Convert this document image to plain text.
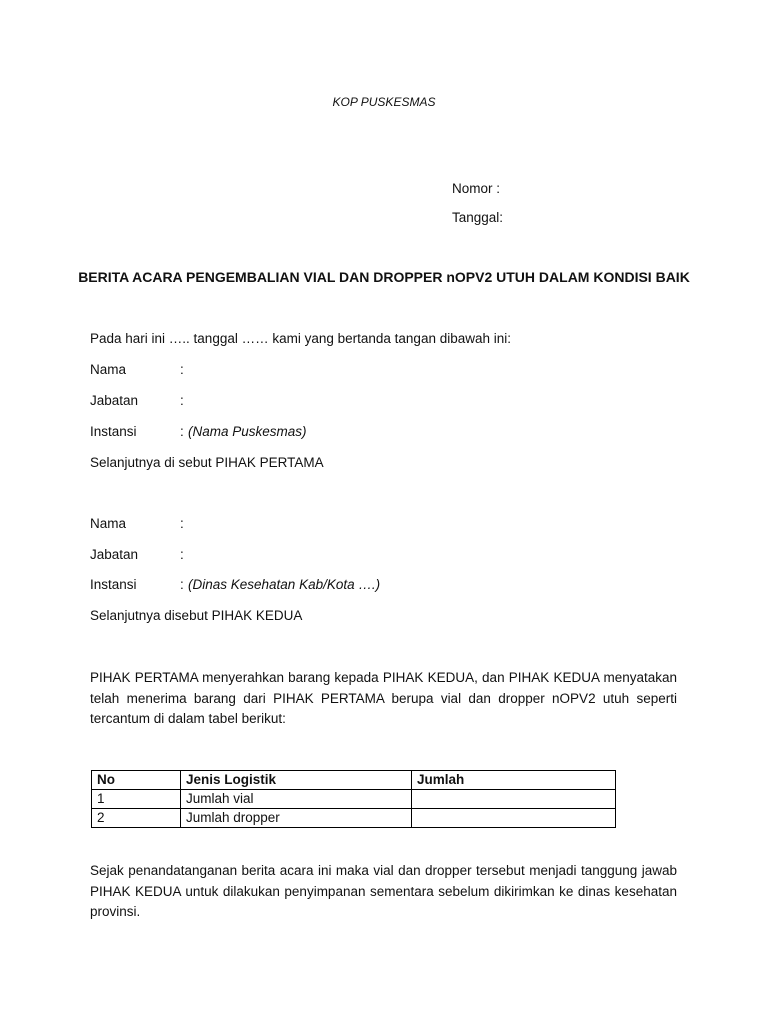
KOP PUSKESMAS
Nomor :
Tanggal:
BERITA ACARA PENGEMBALIAN VIAL DAN DROPPER nOPV2 UTUH DALAM KONDISI BAIK
Pada hari ini ….. tanggal …… kami yang bertanda tangan dibawah ini:
Nama	:
Jabatan	:
Instansi	: (Nama Puskesmas)
Selanjutnya di sebut PIHAK PERTAMA
Nama	:
Jabatan	:
Instansi	: (Dinas Kesehatan Kab/Kota ….)
Selanjutnya disebut PIHAK KEDUA
PIHAK PERTAMA menyerahkan barang kepada PIHAK KEDUA, dan PIHAK KEDUA menyatakan telah menerima barang dari PIHAK PERTAMA berupa vial dan dropper nOPV2 utuh seperti tercantum di dalam tabel berikut:
No	Jenis Logistik	Jumlah
1	Jumlah vial	
2	Jumlah dropper	
Sejak penandatanganan berita acara ini maka vial dan dropper tersebut menjadi tanggung jawab PIHAK KEDUA untuk dilakukan penyimpanan sementara sebelum dikirimkan ke dinas kesehatan provinsi.
